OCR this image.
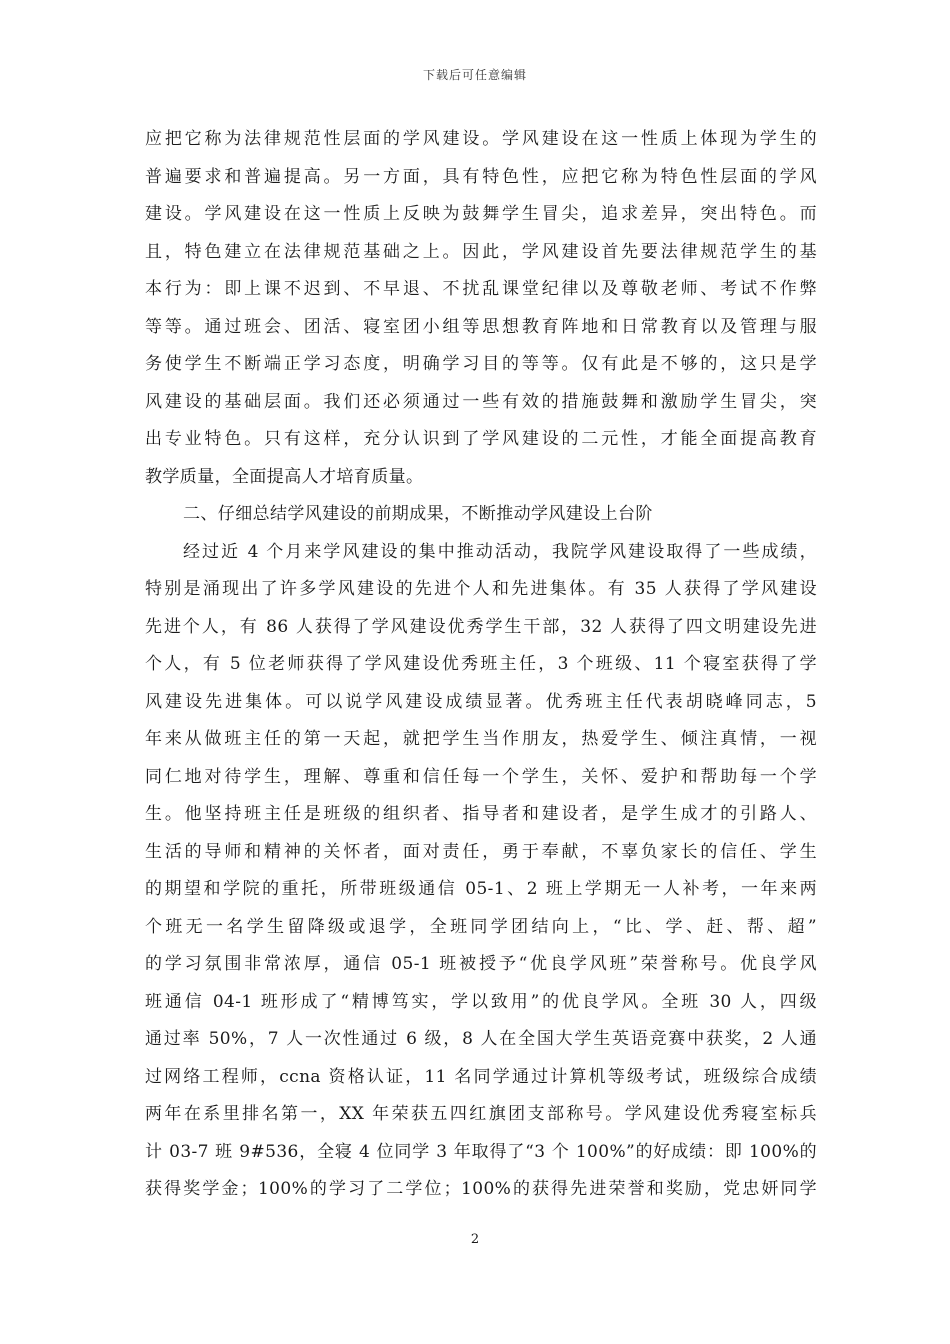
下载后可任意编辑
应把它称为法律规范性层面的学风建设。学风建设在这一性质上体现为学生的
普遍要求和普遍提高。另一方面，具有特色性，应把它称为特色性层面的学风
建设。学风建设在这一性质上反映为鼓舞学生冒尖，追求差异，突出特色。而
且，特色建立在法律规范基础之上。因此，学风建设首先要法律规范学生的基
本行为：即上课不迟到、不早退、不扰乱课堂纪律以及尊敬老师、考试不作弊
等等。通过班会、团活、寝室团小组等思想教育阵地和日常教育以及管理与服
务使学生不断端正学习态度，明确学习目的等等。仅有此是不够的，这只是学
风建设的基础层面。我们还必须通过一些有效的措施鼓舞和激励学生冒尖，突
出专业特色。只有这样，充分认识到了学风建设的二元性，才能全面提高教育
教学质量，全面提高人才培育质量。
二、仔细总结学风建设的前期成果，不断推动学风建设上台阶
经过近 4 个月来学风建设的集中推动活动，我院学风建设取得了一些成绩，
特别是涌现出了许多学风建设的先进个人和先进集体。有 35 人获得了学风建设
先进个人，有 86 人获得了学风建设优秀学生干部，32 人获得了四文明建设先进
个人，有 5 位老师获得了学风建设优秀班主任，3 个班级、11 个寝室获得了学
风建设先进集体。可以说学风建设成绩显著。优秀班主任代表胡晓峰同志，5
年来从做班主任的第一天起，就把学生当作朋友，热爱学生、倾注真情，一视
同仁地对待学生，理解、尊重和信任每一个学生，关怀、爱护和帮助每一个学
生。他坚持班主任是班级的组织者、指导者和建设者，是学生成才的引路人、
生活的导师和精神的关怀者，面对责任，勇于奉献，不辜负家长的信任、学生
的期望和学院的重托，所带班级通信 05-1、2 班上学期无一人补考，一年来两
个班无一名学生留降级或退学，全班同学团结向上，“比、学、赶、帮、超”
的学习氛围非常浓厚，通信 05-1 班被授予“优良学风班”荣誉称号。优良学风
班通信 04-1 班形成了“精博笃实，学以致用”的优良学风。全班 30 人，四级
通过率 50%，7 人一次性通过 6 级，8 人在全国大学生英语竞赛中获奖，2 人通
过网络工程师，ccna 资格认证，11 名同学通过计算机等级考试，班级综合成绩
两年在系里排名第一，XX 年荣获五四红旗团支部称号。学风建设优秀寝室标兵
计 03-7 班 9#536，全寝 4 位同学 3 年取得了“3 个 100%”的好成绩：即 100%的
获得奖学金；100%的学习了二学位；100%的获得先进荣誉和奖励，党忠妍同学
2
